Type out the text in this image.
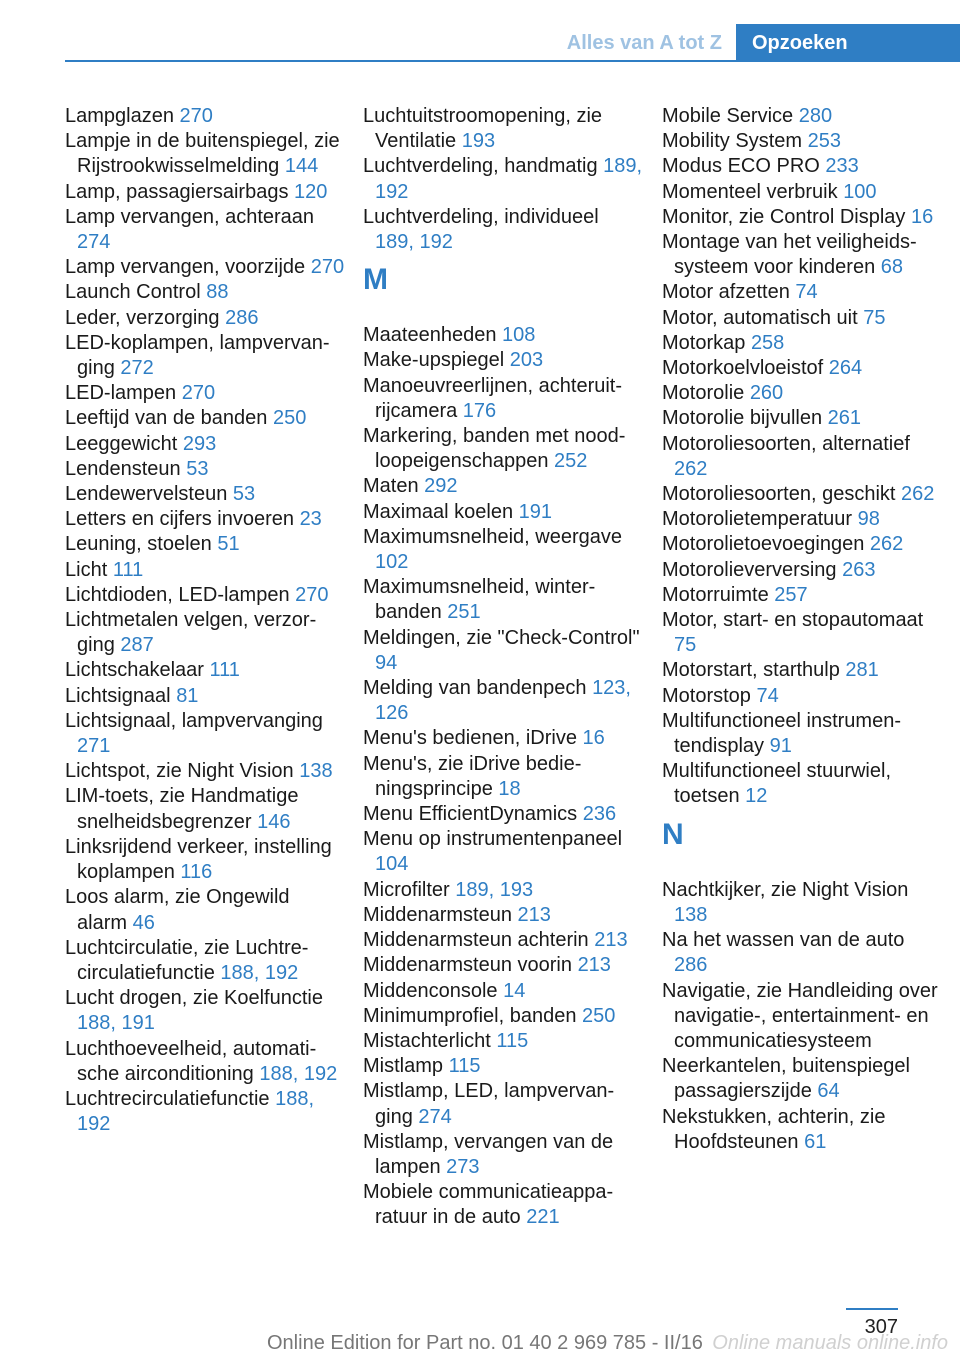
Alles van A tot Z	Opzoeken
Lampglazen 270
Lampje in de buitenspiegel, zie Rijstrookwisselmelding 144
Lamp, passagiersairbags 120
Lamp vervangen, achteraan 274
Lamp vervangen, voorzijde 270
Launch Control 88
Leder, verzorging 286
LED-koplampen, lampvervanging 272
LED-lampen 270
Leeftijd van de banden 250
Leeggewicht 293
Lendensteun 53
Lendewervelsteun 53
Letters en cijfers invoeren 23
Leuning, stoelen 51
Licht 111
Lichtdioden, LED-lampen 270
Lichtmetalen velgen, verzorging 287
Lichtschakelaar 111
Lichtsignaal 81
Lichtsignaal, lampvervanging 271
Lichtspot, zie Night Vision 138
LIM-toets, zie Handmatige snelheidsbegrenzer 146
Linksrijdend verkeer, instelling koplampen 116
Loos alarm, zie Ongewild alarm 46
Luchtcirculatie, zie Luchtrecirculatiefunctie 188, 192
Lucht drogen, zie Koelfunctie 188, 191
Luchthoeveelheid, automatische airconditioning 188, 192
Luchtrecirculatiefunctie 188, 192
Luchtuitstroomopening, zie Ventilatie 193
Luchtverdeling, handmatig 189, 192
Luchtverdeling, individueel 189, 192
M
Maateenheden 108
Make-upspiegel 203
Manoeuvreerlijnen, achteruitrijcamera 176
Markering, banden met noodloopeigenschappen 252
Maten 292
Maximaal koelen 191
Maximumsnelheid, weergave 102
Maximumsnelheid, winterbanden 251
Meldingen, zie "Check-Control" 94
Melding van bandenpech 123, 126
Menu's bedienen, iDrive 16
Menu's, zie iDrive bedieningsprincipe 18
Menu EfficientDynamics 236
Menu op instrumentenpaneel 104
Microfilter 189, 193
Middenarmsteun 213
Middenarmsteun achterin 213
Middenarmsteun voorin 213
Middenconsole 14
Minimumprofiel, banden 250
Mistachterlicht 115
Mistlamp 115
Mistlamp, LED, lampvervanging 274
Mistlamp, vervangen van de lampen 273
Mobiele communicatieapparatuur in de auto 221
Mobile Service 280
Mobility System 253
Modus ECO PRO 233
Momenteel verbruik 100
Monitor, zie Control Display 16
Montage van het veiligheidssysteem voor kinderen 68
Motor afzetten 74
Motor, automatisch uit 75
Motorkap 258
Motorkoelvloeistof 264
Motorolie 260
Motorolie bijvullen 261
Motoroliesoorten, alternatief 262
Motoroliesoorten, geschikt 262
Motorolietemperatuur 98
Motorolietoevoegingen 262
Motorolieverversing 263
Motorruimte 257
Motor, start- en stopautomaat 75
Motorstart, starthulp 281
Motorstop 74
Multifunctioneel instrumentendisplay 91
Multifunctioneel stuurwiel, toetsen 12
N
Nachtkijker, zie Night Vision 138
Na het wassen van de auto 286
Navigatie, zie Handleiding over navigatie-, entertainment- en communicatiesysteem
Neerkantelen, buitenspiegel passagierszijde 64
Nekstukken, achterin, zie Hoofdsteunen 61
307
Online Edition for Part no. 01 40 2 969 785 - II/16 Online manuals online.info
